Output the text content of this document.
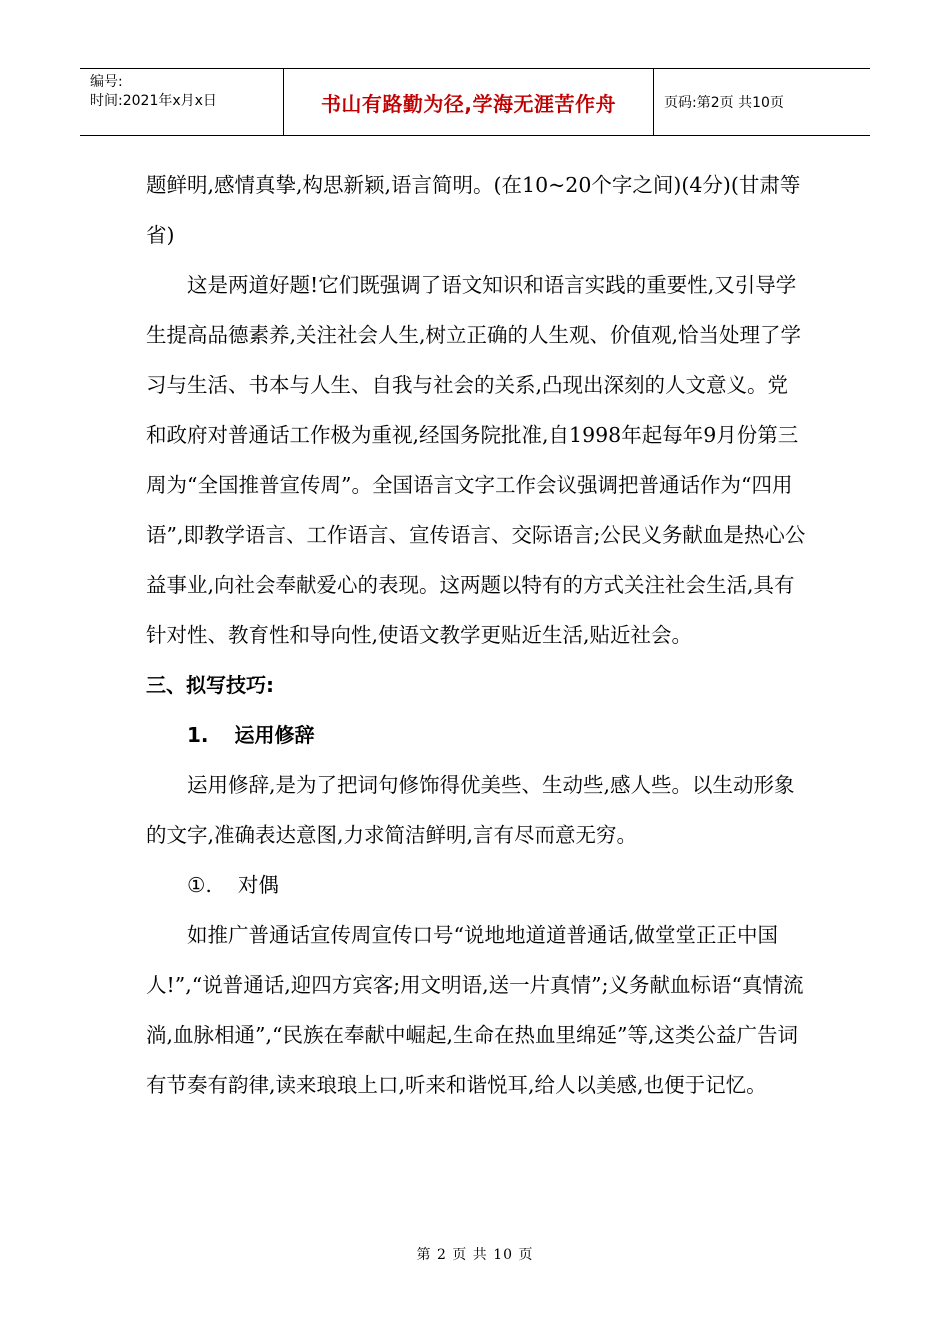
编号:
时间:2021年x月x日	书山有路勤为径,学海无涯苦作舟	页码:第2页 共10页

题鲜明,感情真挚,构思新颖,语言简明。(在10~20个字之间)(4分)(甘肃等省)

这是两道好题!它们既强调了语文知识和语言实践的重要性,又引导学生提高品德素养,关注社会人生,树立正确的人生观、价值观,恰当处理了学习与生活、书本与人生、自我与社会的关系,凸现出深刻的人文意义。党和政府对普通话工作极为重视,经国务院批准,自1998年起每年9月份第三周为“全国推普宣传周”。全国语言文字工作会议强调把普通话作为“四用语”,即教学语言、工作语言、宣传语言、交际语言;公民义务献血是热心公益事业,向社会奉献爱心的表现。这两题以特有的方式关注社会生活,具有针对性、教育性和导向性,使语文教学更贴近生活,贴近社会。

三、拟写技巧:

1. 运用修辞

运用修辞,是为了把词句修饰得优美些、生动些,感人些。以生动形象的文字,准确表达意图,力求简洁鲜明,言有尽而意无穷。

①. 对偶

如推广普通话宣传周宣传口号“说地地道道普通话,做堂堂正正中国人!”,“说普通话,迎四方宾客;用文明语,送一片真情”;义务献血标语“真情流淌,血脉相通”,“民族在奉献中崛起,生命在热血里绵延”等,这类公益广告词有节奏有韵律,读来琅琅上口,听来和谐悦耳,给人以美感,也便于记忆。

第 2 页 共 10 页
